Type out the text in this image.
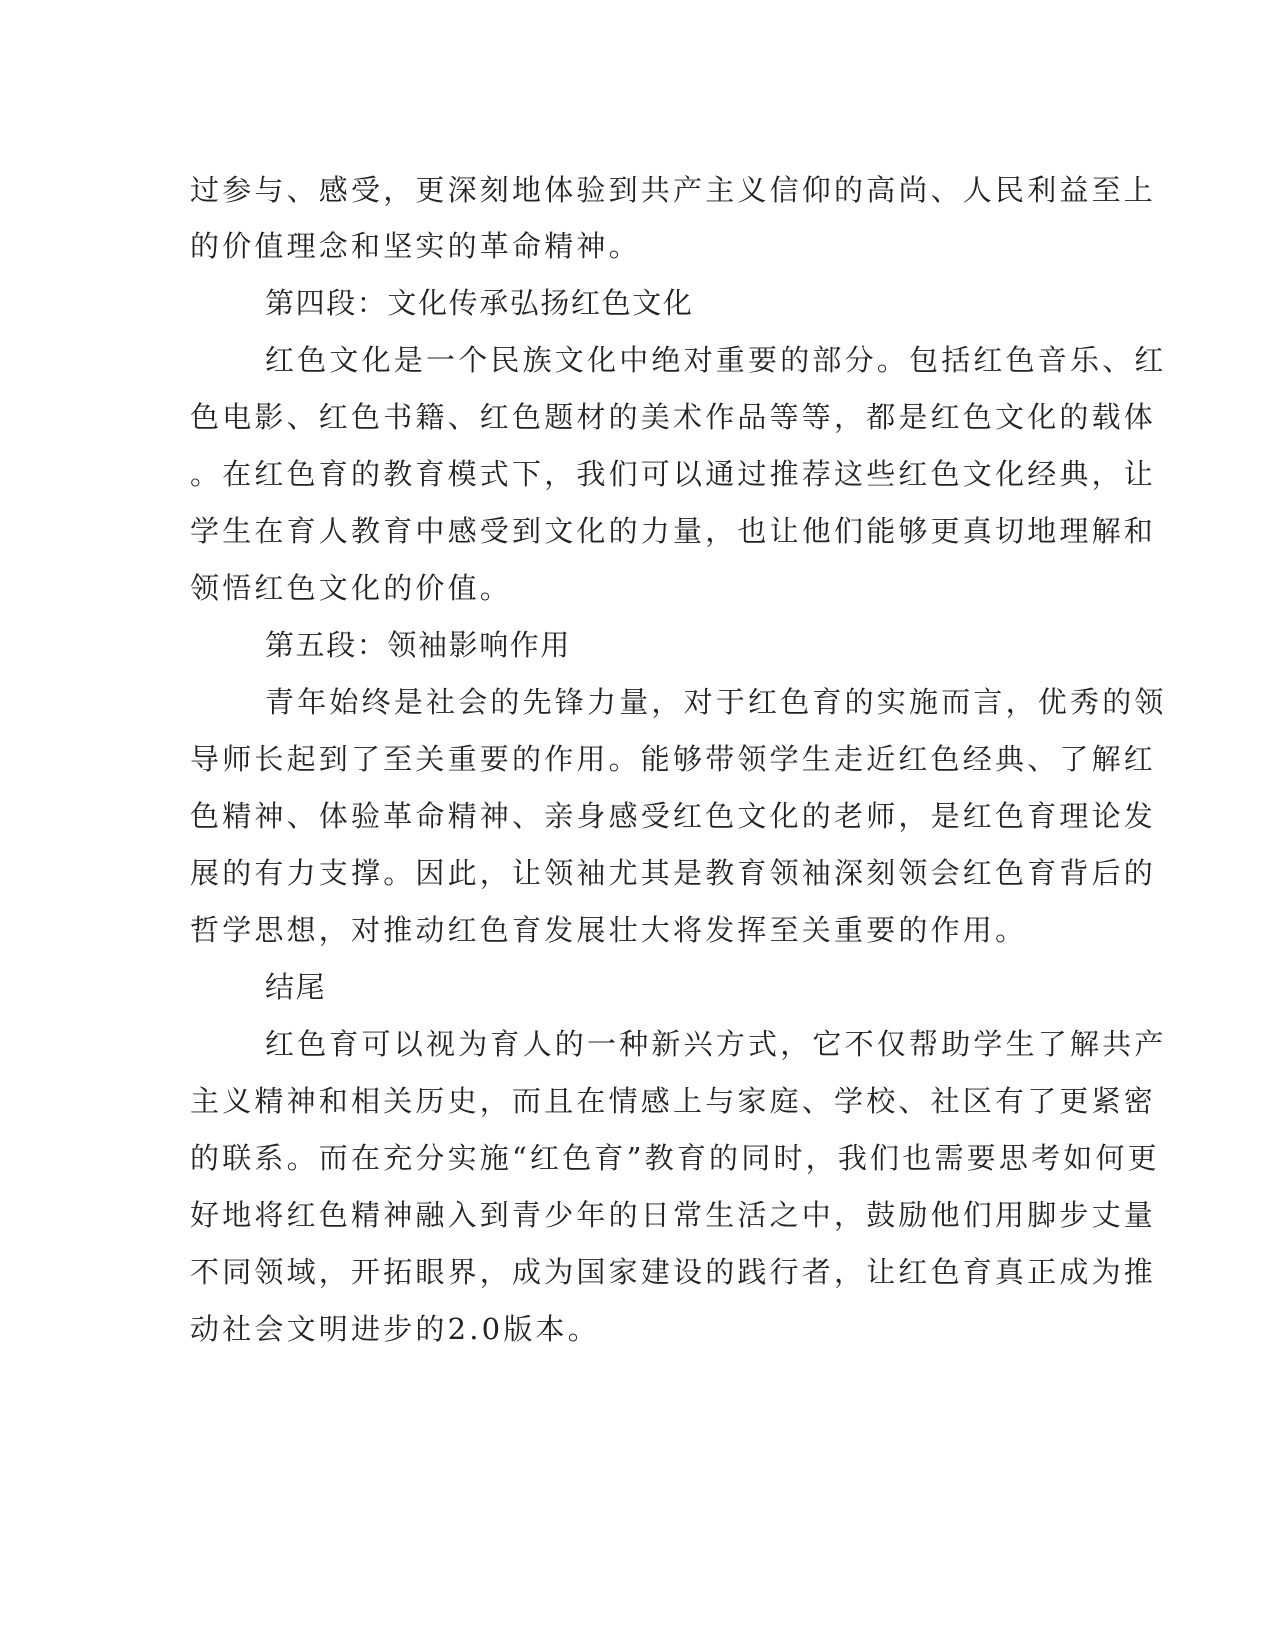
过参与、感受，更深刻地体验到共产主义信仰的高尚、人民利益至上
的价值理念和坚实的革命精神。
第四段：文化传承弘扬红色文化
红色文化是一个民族文化中绝对重要的部分。包括红色音乐、红
色电影、红色书籍、红色题材的美术作品等等，都是红色文化的载体
。在红色育的教育模式下，我们可以通过推荐这些红色文化经典，让
学生在育人教育中感受到文化的力量，也让他们能够更真切地理解和
领悟红色文化的价值。
第五段：领袖影响作用
青年始终是社会的先锋力量，对于红色育的实施而言，优秀的领
导师长起到了至关重要的作用。能够带领学生走近红色经典、了解红
色精神、体验革命精神、亲身感受红色文化的老师，是红色育理论发
展的有力支撑。因此，让领袖尤其是教育领袖深刻领会红色育背后的
哲学思想，对推动红色育发展壮大将发挥至关重要的作用。
结尾
红色育可以视为育人的一种新兴方式，它不仅帮助学生了解共产
主义精神和相关历史，而且在情感上与家庭、学校、社区有了更紧密
的联系。而在充分实施“红色育”教育的同时，我们也需要思考如何更
好地将红色精神融入到青少年的日常生活之中，鼓励他们用脚步丈量
不同领域，开拓眼界，成为国家建设的践行者，让红色育真正成为推
动社会文明进步的2.0版本。
